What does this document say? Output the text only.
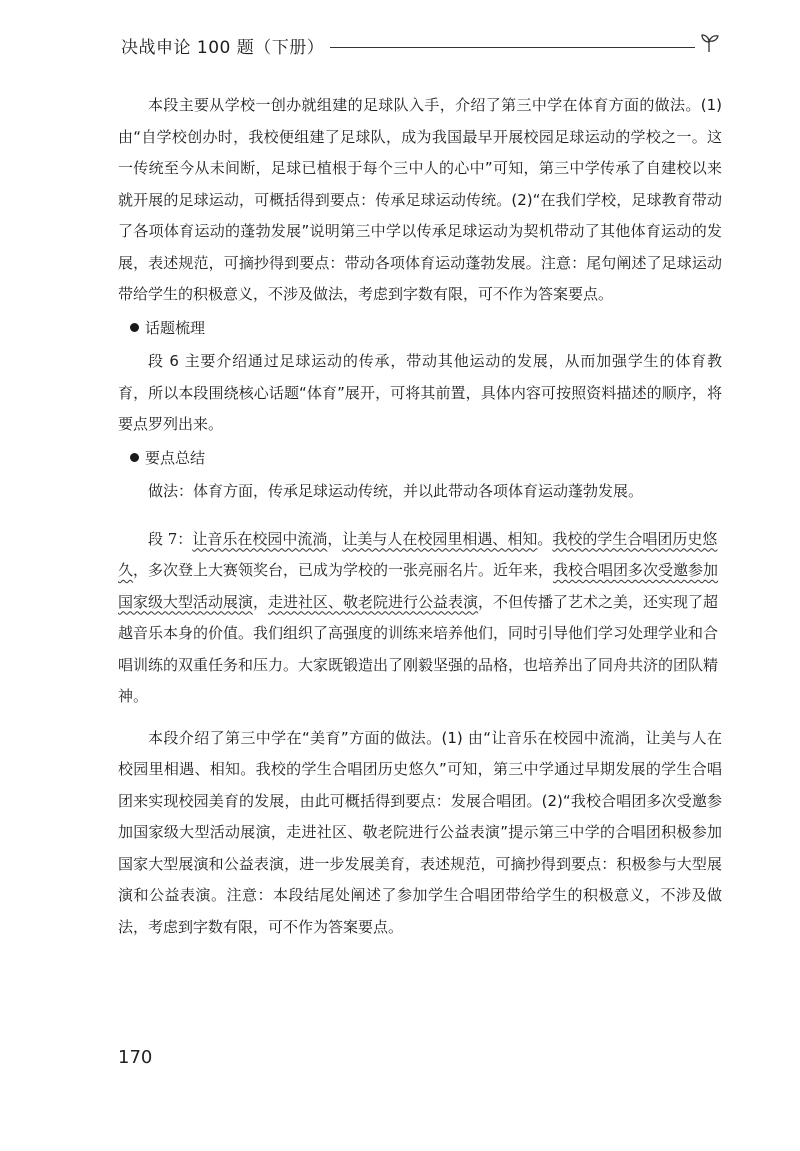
决战申论 100 题（下册）

本段主要从学校一创办就组建的足球队入手，介绍了第三中学在体育方面的做法。(1) 由“自学校创办时，我校便组建了足球队，成为我国最早开展校园足球运动的学校之一。这一传统至今从未间断，足球已植根于每个三中人的心中”可知，第三中学传承了自建校以来就开展的足球运动，可概括得到要点：传承足球运动传统。(2)“在我们学校，足球教育带动了各项体育运动的蓬勃发展”说明第三中学以传承足球运动为契机带动了其他体育运动的发展，表述规范，可摘抄得到要点：带动各项体育运动蓬勃发展。注意：尾句阐述了足球运动带给学生的积极意义，不涉及做法，考虑到字数有限，可不作为答案要点。

话题梳理

段 6 主要介绍通过足球运动的传承，带动其他运动的发展，从而加强学生的体育教育，所以本段围绕核心话题“体育”展开，可将其前置，具体内容可按照资料描述的顺序，将要点罗列出来。

要点总结

做法：体育方面，传承足球运动传统，并以此带动各项体育运动蓬勃发展。

段 7：让音乐在校园中流淌，让美与人在校园里相遇、相知。我校的学生合唱团历史悠久，多次登上大赛领奖台，已成为学校的一张亮丽名片。近年来，我校合唱团多次受邀参加国家级大型活动展演，走进社区、敬老院进行公益表演，不但传播了艺术之美，还实现了超越音乐本身的价值。我们组织了高强度的训练来培养他们，同时引导他们学习处理学业和合唱训练的双重任务和压力。大家既锻造出了刚毅坚强的品格，也培养出了同舟共济的团队精神。

本段介绍了第三中学在“美育”方面的做法。(1) 由“让音乐在校园中流淌，让美与人在校园里相遇、相知。我校的学生合唱团历史悠久”可知，第三中学通过早期发展的学生合唱团来实现校园美育的发展，由此可概括得到要点：发展合唱团。(2)“我校合唱团多次受邀参加国家级大型活动展演，走进社区、敬老院进行公益表演”提示第三中学的合唱团积极参加国家大型展演和公益表演，进一步发展美育，表述规范，可摘抄得到要点：积极参与大型展演和公益表演。注意：本段结尾处阐述了参加学生合唱团带给学生的积极意义，不涉及做法，考虑到字数有限，可不作为答案要点。

170
